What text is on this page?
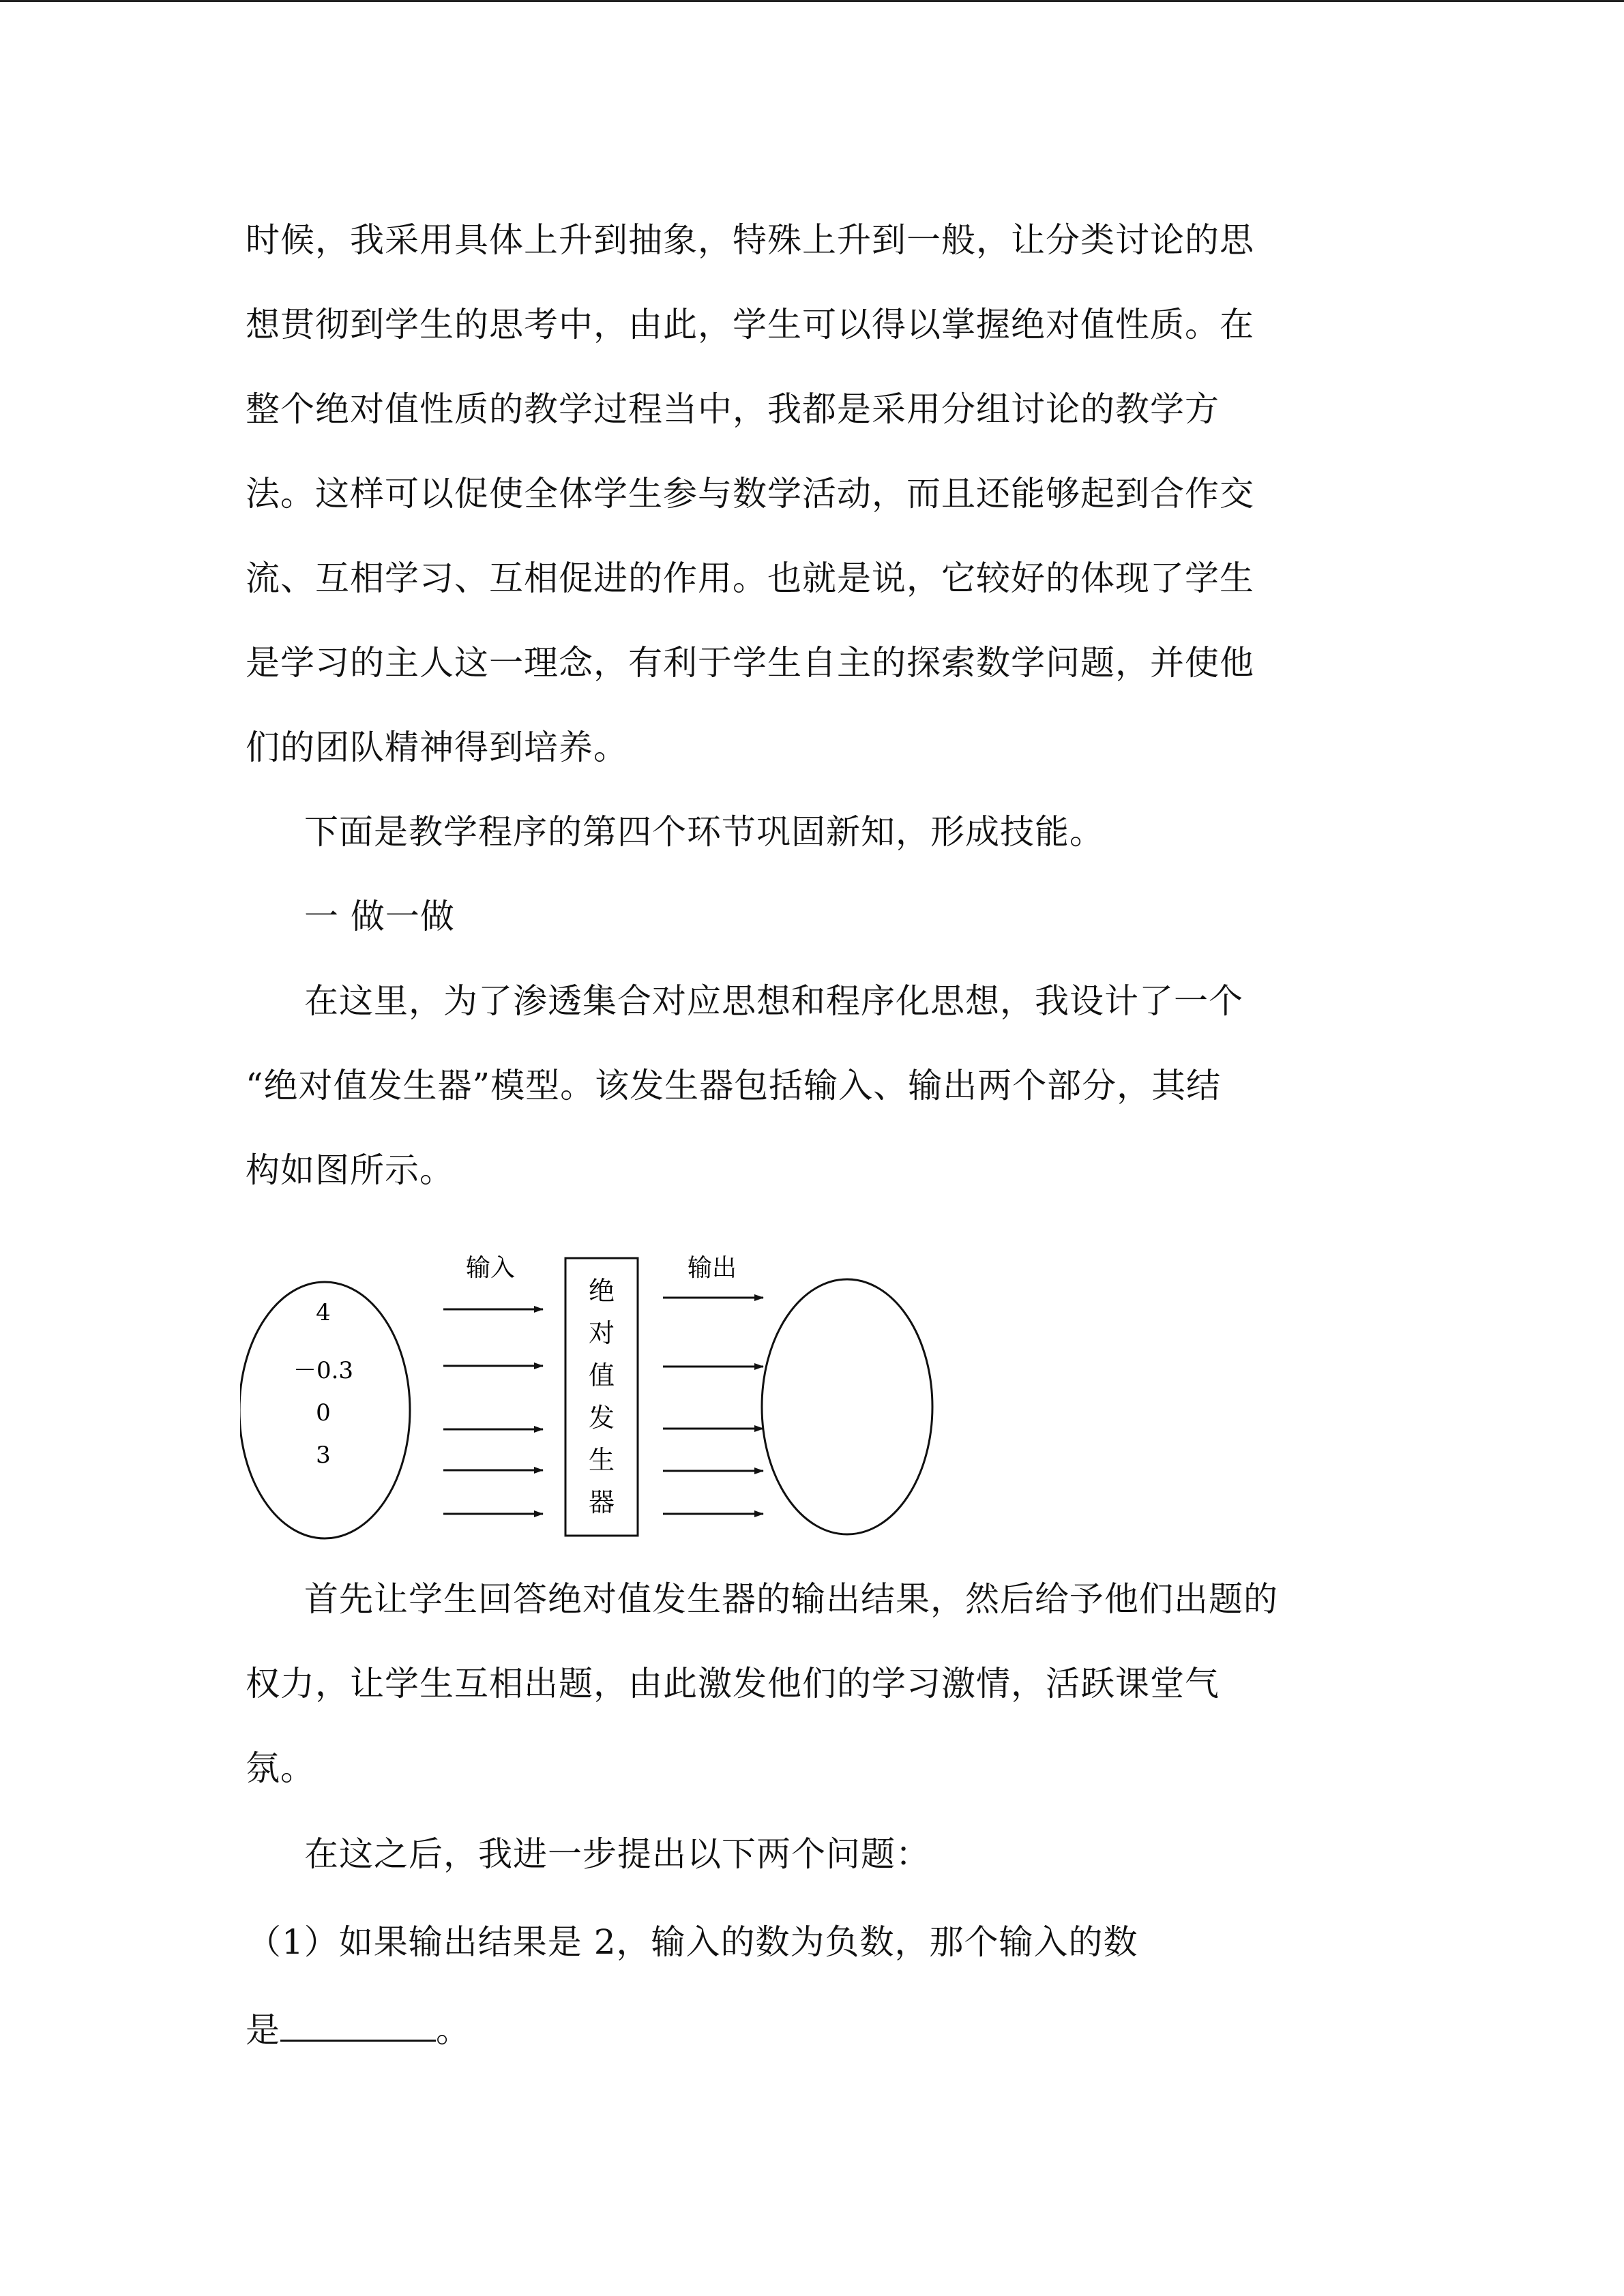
时候，我采用具体上升到抽象，特殊上升到一般，让分类讨论的思
想贯彻到学生的思考中，由此，学生可以得以掌握绝对值性质。在
整个绝对值性质的教学过程当中，我都是采用分组讨论的教学方
法。这样可以促使全体学生参与数学活动，而且还能够起到合作交
流、互相学习、互相促进的作用。也就是说，它较好的体现了学生
是学习的主人这一理念，有利于学生自主的探索数学问题，并使他
们的团队精神得到培养。
下面是教学程序的第四个环节巩固新知，形成技能。
一 做一做
在这里，为了渗透集合对应思想和程序化思想，我设计了一个
“绝对值发生器”模型。该发生器包括输入、输出两个部分，其结
构如图所示。
4
－0.3
0
3
输入	输出
绝
对
值
发
生
器
首先让学生回答绝对值发生器的输出结果，然后给予他们出题的
权力，让学生互相出题，由此激发他们的学习激情，活跃课堂气
氛。
在这之后，我进一步提出以下两个问题：
（1）如果输出结果是 2，输入的数为负数，那个输入的数
是	。
